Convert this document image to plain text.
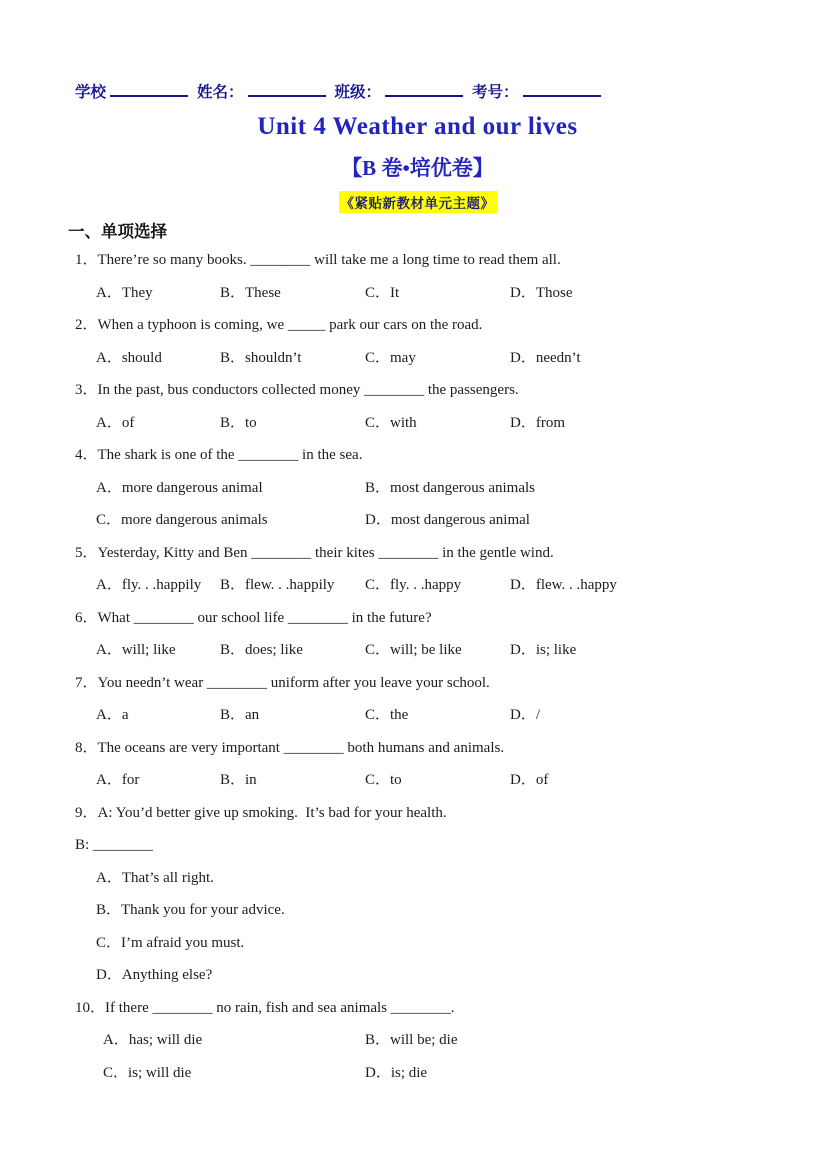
学校	姓名：	班级：	考号：
Unit 4 Weather and our lives
【B 卷•培优卷】
《紧贴新教材单元主题》
一、单项选择
1．There’re so many books. ________ will take me a long time to read them all.
A．They	B．These	C．It	D．Those
2．When a typhoon is coming, we _____ park our cars on the road.
A．should	B．shouldn’t	C．may	D．needn’t
3．In the past, bus conductors collected money ________ the passengers.
A．of	B．to	C．with	D．from
4．The shark is one of the ________ in the sea.
A．more dangerous animal	B．most dangerous animals
C．more dangerous animals	D．most dangerous animal
5．Yesterday, Kitty and Ben ________ their kites ________ in the gentle wind.
A．fly. . .happily	B．flew. . .happily	C．fly. . .happy	D．flew. . .happy
6．What ________ our school life ________ in the future?
A．will; like	B．does; like	C．will; be like	D．is; like
7．You needn’t wear ________ uniform after you leave your school.
A．a	B．an	C．the	D．/
8．The oceans are very important ________ both humans and animals.
A．for	B．in	C．to	D．of
9．A: You’d better give up smoking.  It’s bad for your health.
B: ________
A．That’s all right.
B．Thank you for your advice.
C．I’m afraid you must.
D．Anything else?
10．If there ________ no rain, fish and sea animals ________.
A．has; will die	B．will be; die
C．is; will die	D．is; die
